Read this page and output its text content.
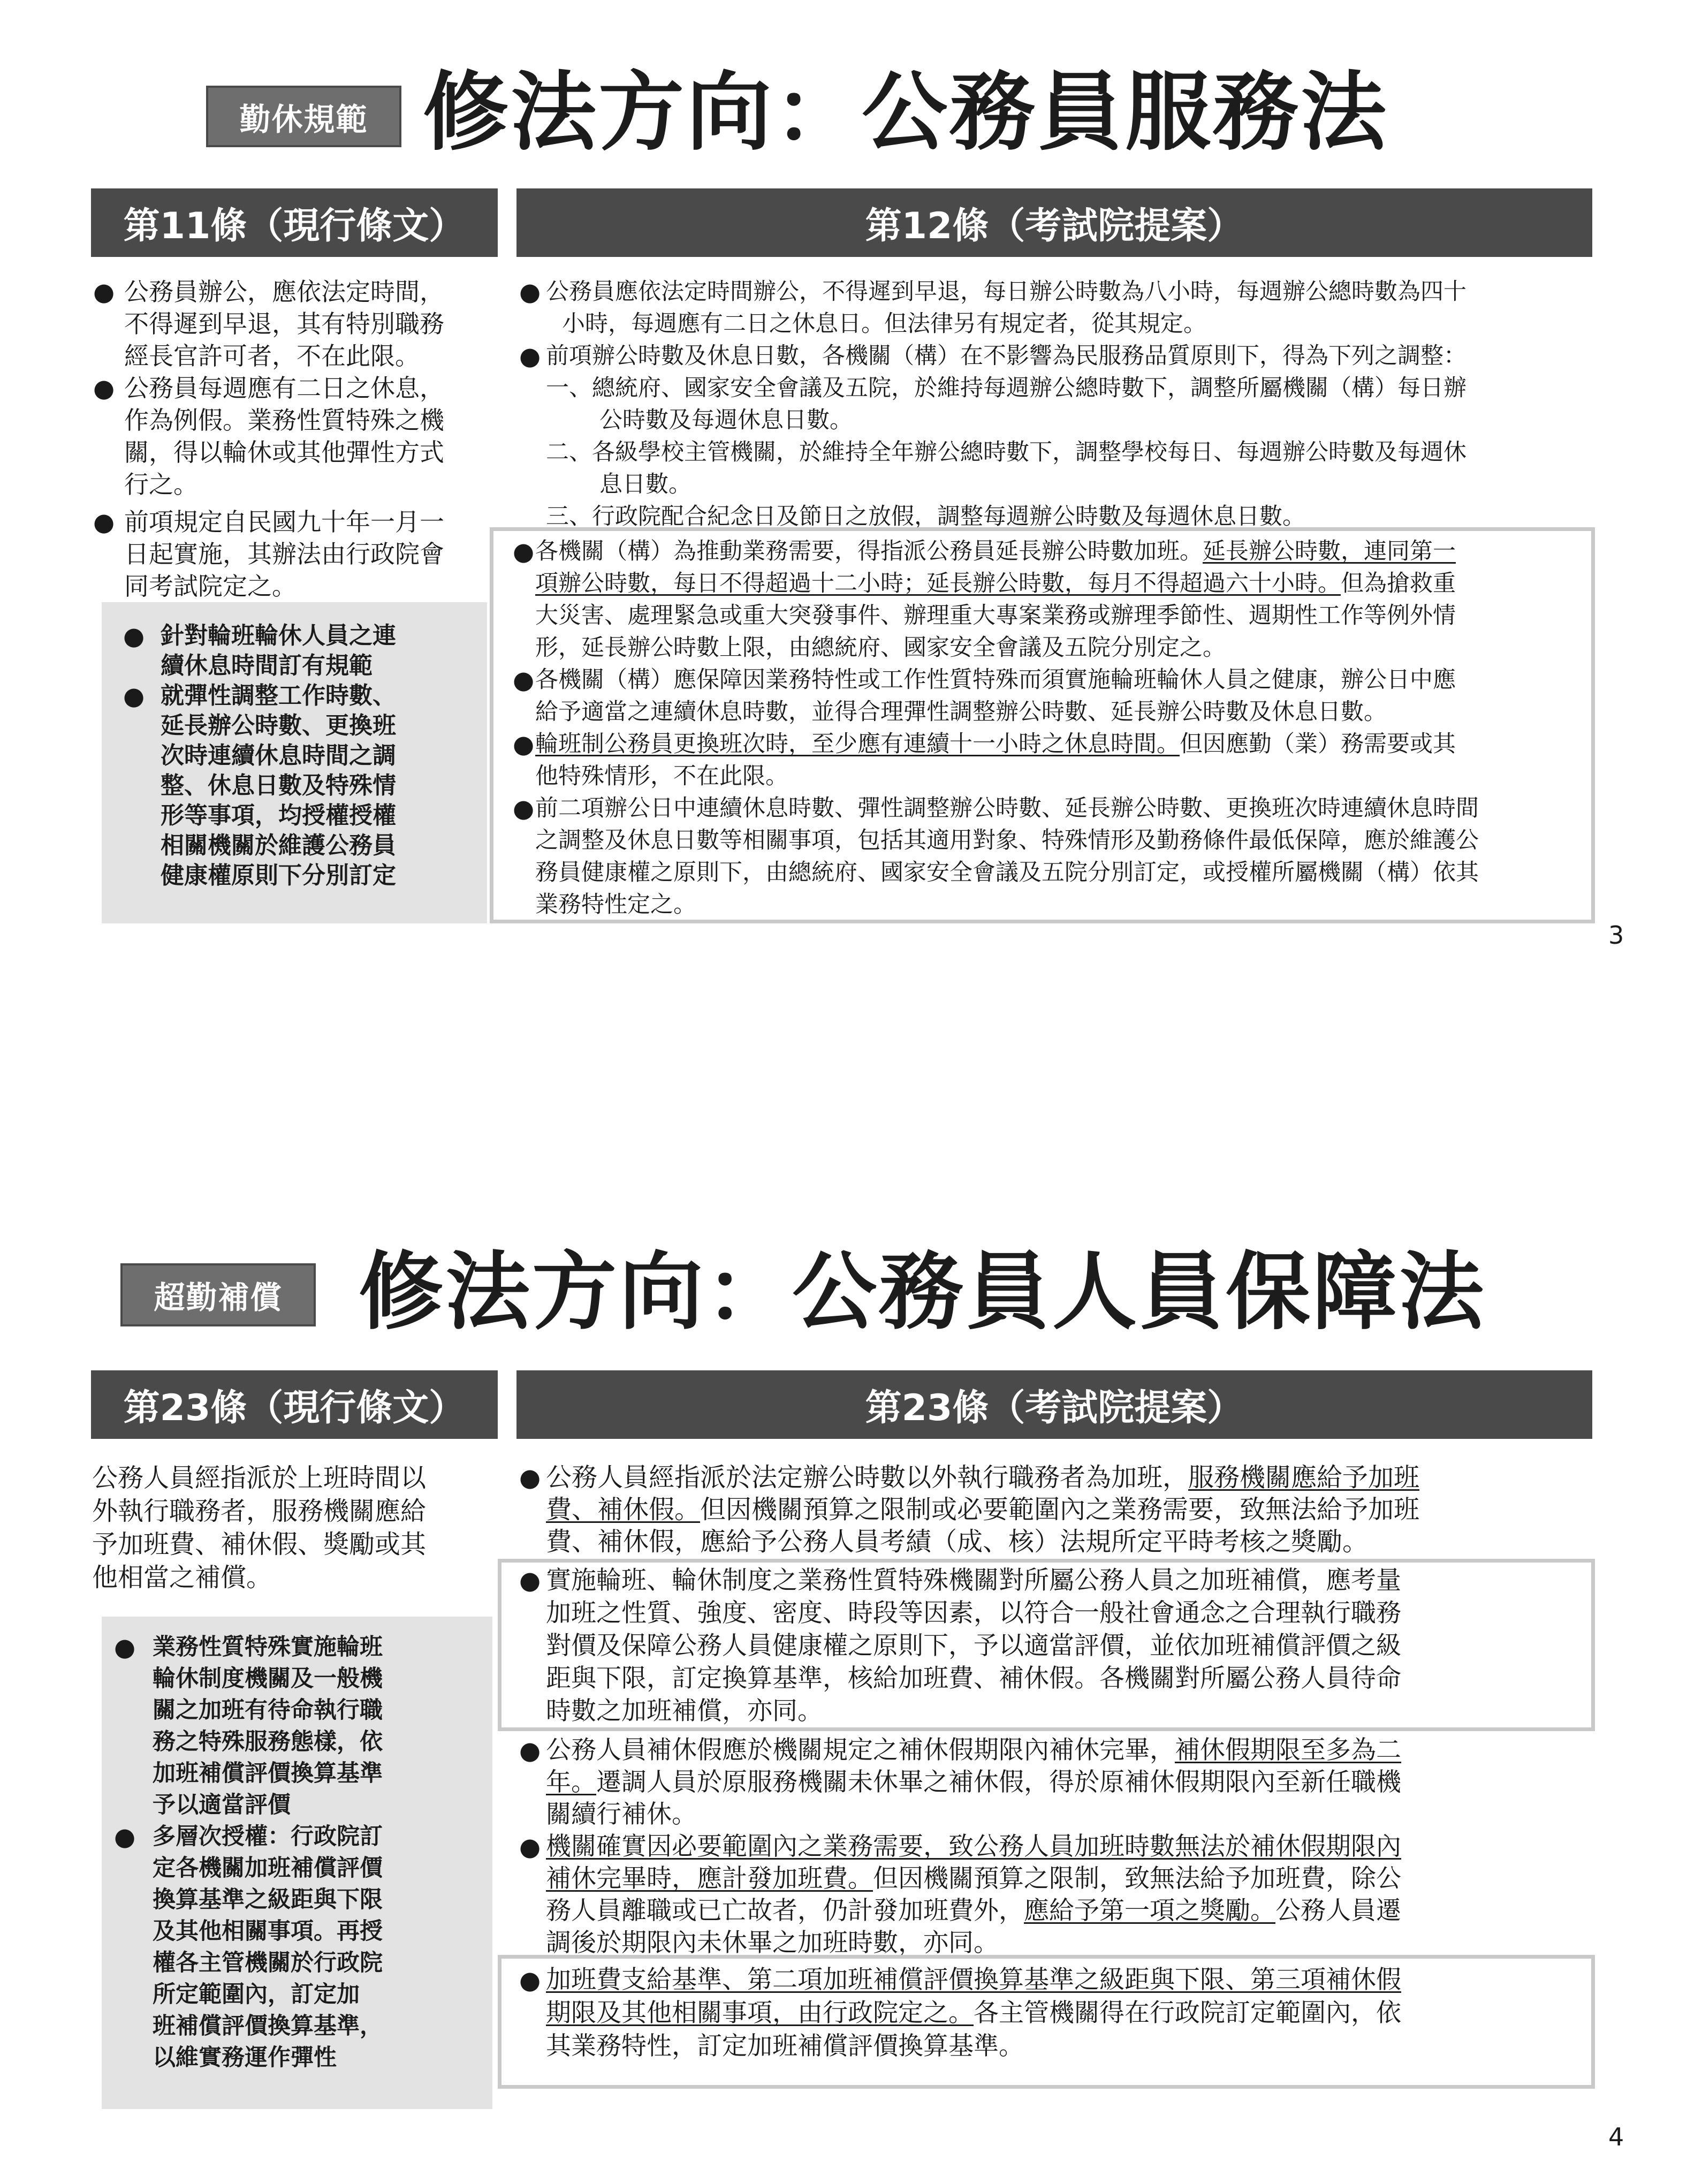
勤休規範 修法方向：公務員服務法
第11條（現行條文）	第12條（考試院提案）
● 公務員辦公，應依法定時間，
不得遲到早退，其有特別職務
經長官許可者，不在此限。
● 公務員每週應有二日之休息，
作為例假。業務性質特殊之機
關，得以輪休或其他彈性方式
行之。
● 前項規定自民國九十年一月一
日起實施，其辦法由行政院會
同考試院定之。
● 針對輪班輪休人員之連
續休息時間訂有規範
● 就彈性調整工作時數、
延長辦公時數、更換班
次時連續休息時間之調
整、休息日數及特殊情
形等事項，均授權授權
相關機關於維護公務員
健康權原則下分別訂定
● 公務員應依法定時間辦公，不得遲到早退，每日辦公時數為八小時，每週辦公總時數為四十
小時，每週應有二日之休息日。但法律另有規定者，從其規定。
● 前項辦公時數及休息日數，各機關（構）在不影響為民服務品質原則下，得為下列之調整：
一、總統府、國家安全會議及五院，於維持每週辦公總時數下，調整所屬機關（構）每日辦
公時數及每週休息日數。
二、各級學校主管機關，於維持全年辦公總時數下，調整學校每日、每週辦公時數及每週休
息日數。
三、行政院配合紀念日及節日之放假，調整每週辦公時數及每週休息日數。
● 各機關（構）為推動業務需要，得指派公務員延長辦公時數加班。延長辦公時數，連同第一
項辦公時數，每日不得超過十二小時；延長辦公時數，每月不得超過六十小時。但為搶救重
大災害、處理緊急或重大突發事件、辦理重大專案業務或辦理季節性、週期性工作等例外情
形，延長辦公時數上限，由總統府、國家安全會議及五院分別定之。
● 各機關（構）應保障因業務特性或工作性質特殊而須實施輪班輪休人員之健康，辦公日中應
給予適當之連續休息時數，並得合理彈性調整辦公時數、延長辦公時數及休息日數。
● 輪班制公務員更換班次時，至少應有連續十一小時之休息時間。但因應勤（業）務需要或其
他特殊情形，不在此限。
● 前二項辦公日中連續休息時數、彈性調整辦公時數、延長辦公時數、更換班次時連續休息時間
之調整及休息日數等相關事項，包括其適用對象、特殊情形及勤務條件最低保障，應於維護公
務員健康權之原則下，由總統府、國家安全會議及五院分別訂定，或授權所屬機關（構）依其
業務特性定之。
3
超勤補償 修法方向：公務員人員保障法
第23條（現行條文）	第23條（考試院提案）
公務人員經指派於上班時間以
外執行職務者，服務機關應給
予加班費、補休假、獎勵或其
他相當之補償。
● 業務性質特殊實施輪班
輪休制度機關及一般機
關之加班有待命執行職
務之特殊服務態樣，依
加班補償評價換算基準
予以適當評價
● 多層次授權：行政院訂
定各機關加班補償評價
換算基準之級距與下限
及其他相關事項。再授
權各主管機關於行政院
所定範圍內，訂定加
班補償評價換算基準，
以維實務運作彈性
● 公務人員經指派於法定辦公時數以外執行職務者為加班，服務機關應給予加班
費、補休假。但因機關預算之限制或必要範圍內之業務需要，致無法給予加班
費、補休假，應給予公務人員考績（成、核）法規所定平時考核之獎勵。
● 實施輪班、輪休制度之業務性質特殊機關對所屬公務人員之加班補償，應考量
加班之性質、強度、密度、時段等因素，以符合一般社會通念之合理執行職務
對價及保障公務人員健康權之原則下，予以適當評價，並依加班補償評價之級
距與下限，訂定換算基準，核給加班費、補休假。各機關對所屬公務人員待命
時數之加班補償，亦同。
● 公務人員補休假應於機關規定之補休假期限內補休完畢，補休假期限至多為二
年。遷調人員於原服務機關未休畢之補休假，得於原補休假期限內至新任職機
關續行補休。
● 機關確實因必要範圍內之業務需要，致公務人員加班時數無法於補休假期限內
補休完畢時，應計發加班費。但因機關預算之限制，致無法給予加班費，除公
務人員離職或已亡故者，仍計發加班費外，應給予第一項之獎勵。公務人員遷
調後於期限內未休畢之加班時數，亦同。
● 加班費支給基準、第二項加班補償評價換算基準之級距與下限、第三項補休假
期限及其他相關事項，由行政院定之。各主管機關得在行政院訂定範圍內，依
其業務特性，訂定加班補償評價換算基準。
4
